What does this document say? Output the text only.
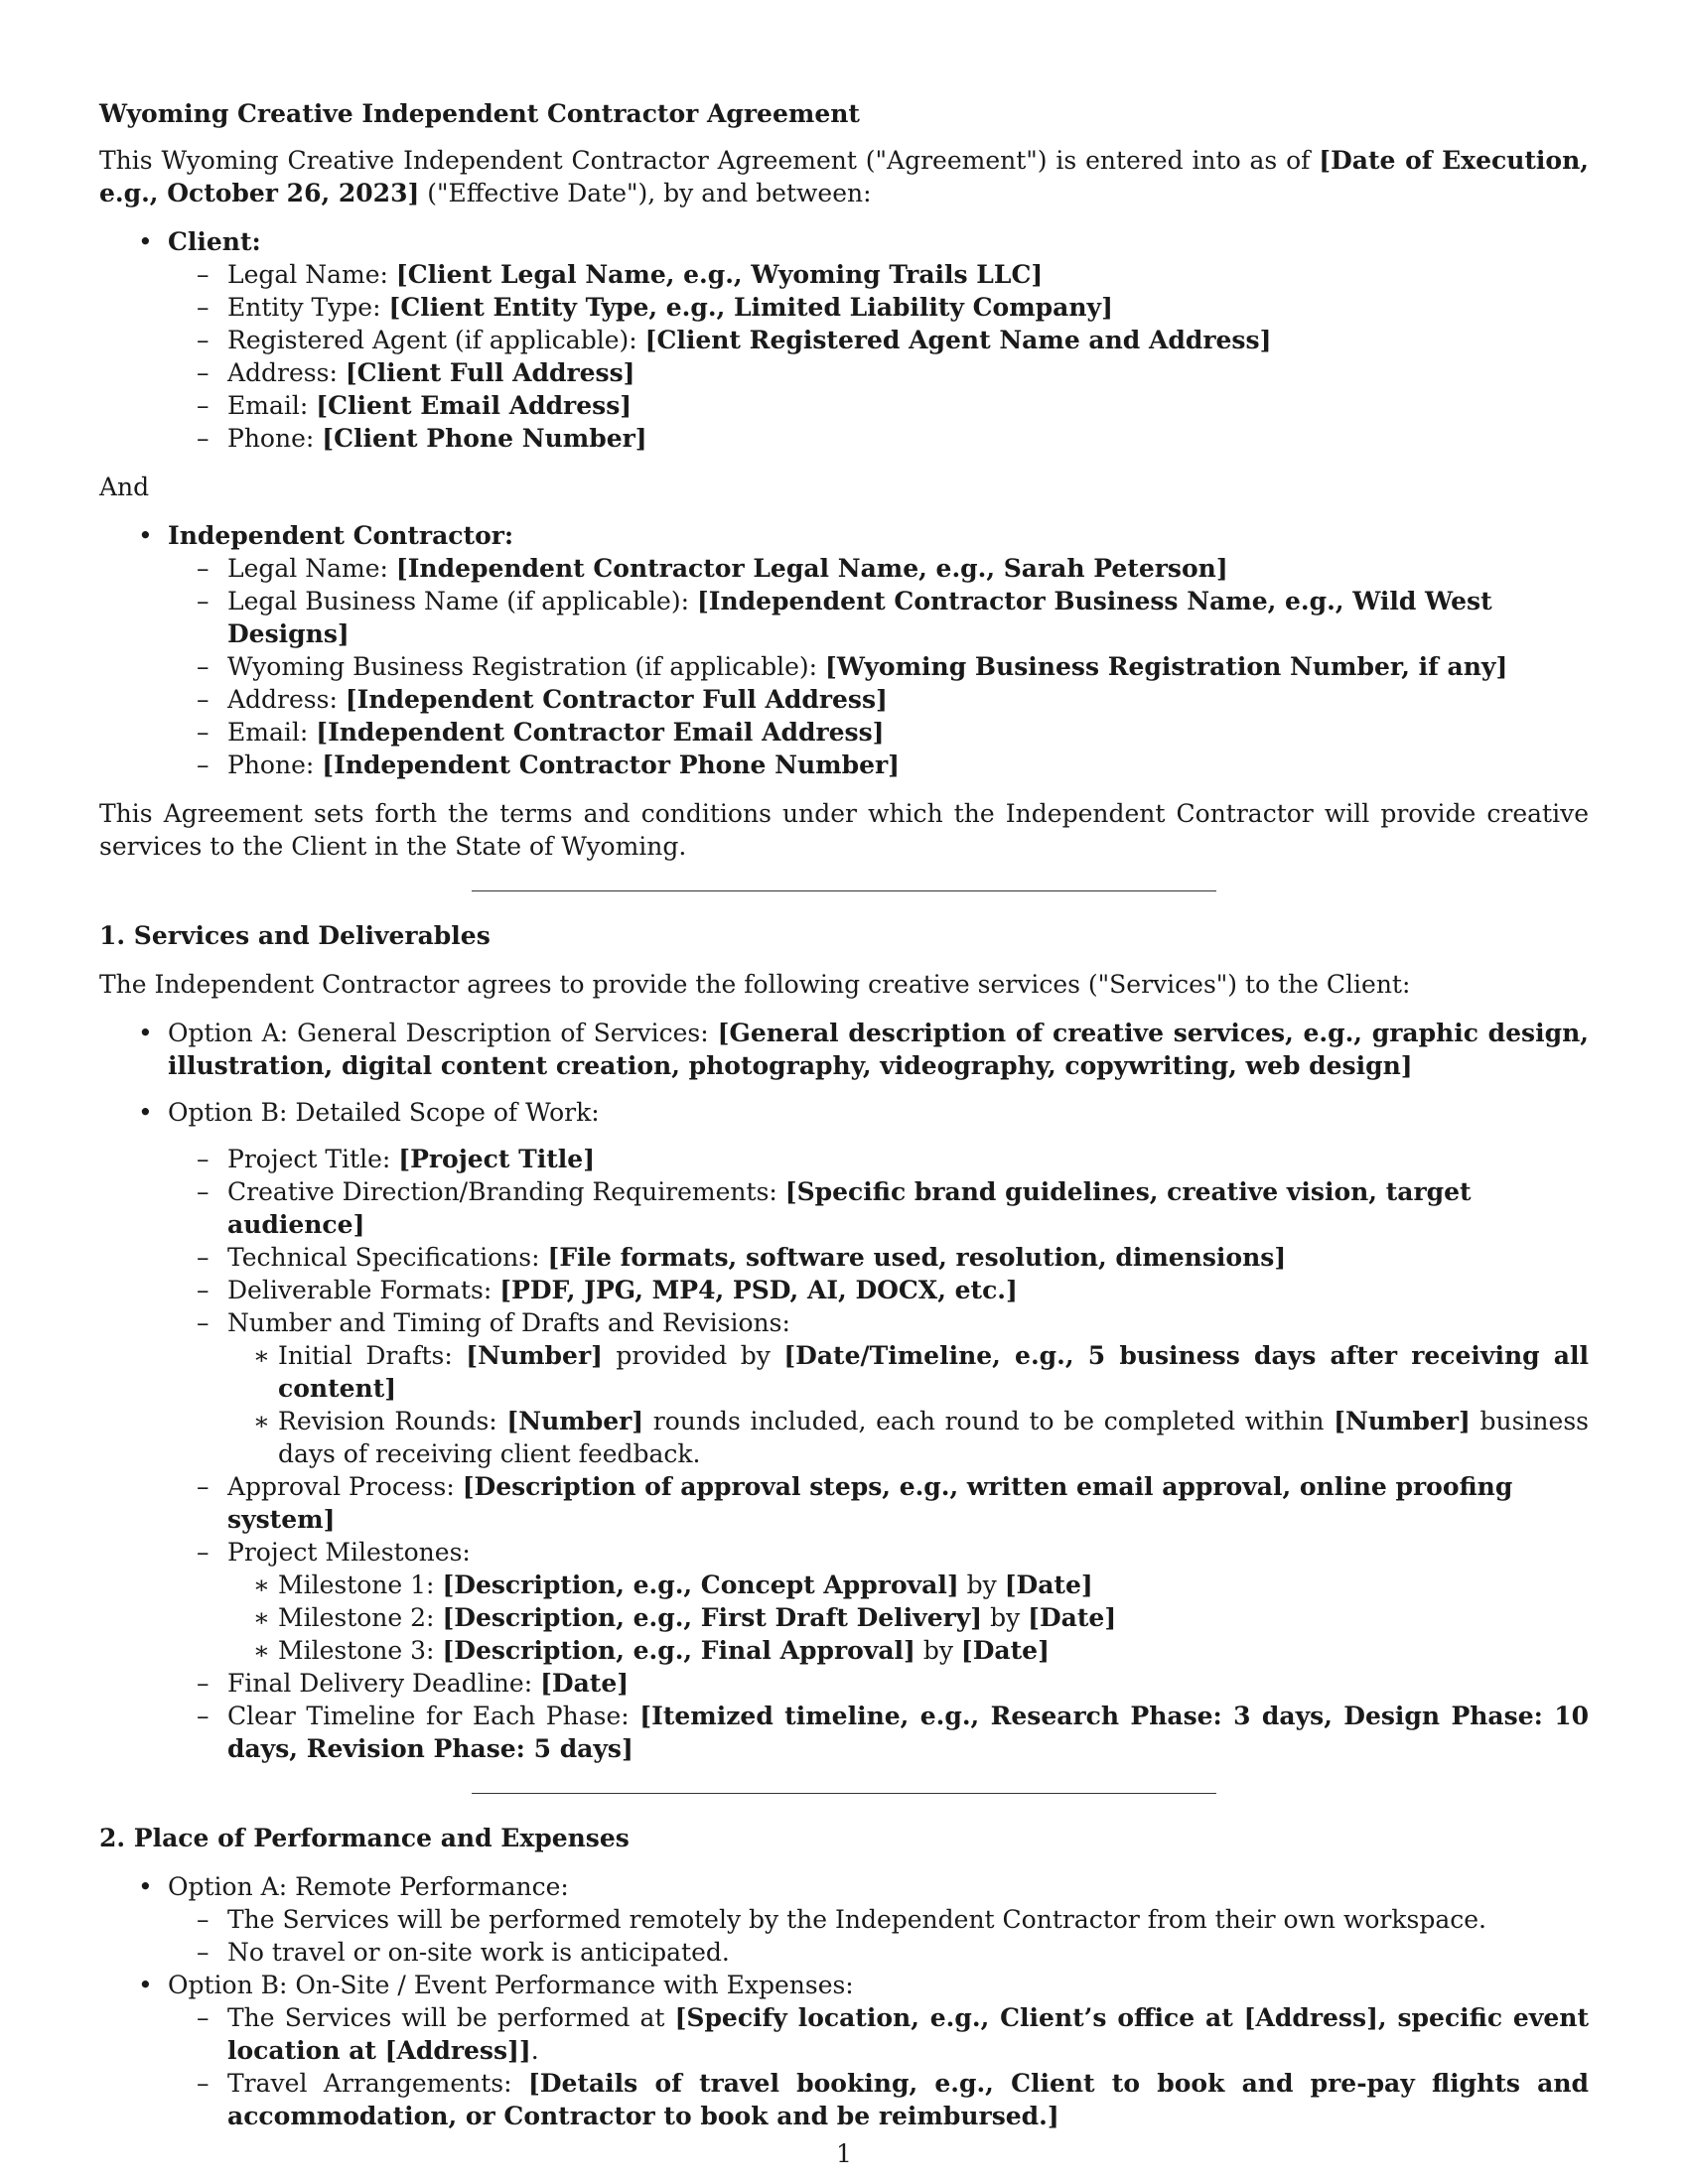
Wyoming Creative Independent Contractor Agreement

This Wyoming Creative Independent Contractor Agreement ("Agreement") is entered into as of [Date of Execution, e.g., October 26, 2023] ("Effective Date"), by and between:

• Client:
– Legal Name: [Client Legal Name, e.g., Wyoming Trails LLC]
– Entity Type: [Client Entity Type, e.g., Limited Liability Company]
– Registered Agent (if applicable): [Client Registered Agent Name and Address]
– Address: [Client Full Address]
– Email: [Client Email Address]
– Phone: [Client Phone Number]

And

• Independent Contractor:
– Legal Name: [Independent Contractor Legal Name, e.g., Sarah Peterson]
– Legal Business Name (if applicable): [Independent Contractor Business Name, e.g., Wild West Designs]
– Wyoming Business Registration (if applicable): [Wyoming Business Registration Number, if any]
– Address: [Independent Contractor Full Address]
– Email: [Independent Contractor Email Address]
– Phone: [Independent Contractor Phone Number]

This Agreement sets forth the terms and conditions under which the Independent Contractor will provide creative services to the Client in the State of Wyoming.

1. Services and Deliverables

The Independent Contractor agrees to provide the following creative services ("Services") to the Client:

• Option A: General Description of Services: [General description of creative services, e.g., graphic design, illustration, digital content creation, photography, videography, copywriting, web design]
• Option B: Detailed Scope of Work:
– Project Title: [Project Title]
– Creative Direction/Branding Requirements: [Specific brand guidelines, creative vision, target audience]
– Technical Specifications: [File formats, software used, resolution, dimensions]
– Deliverable Formats: [PDF, JPG, MP4, PSD, AI, DOCX, etc.]
– Number and Timing of Drafts and Revisions:
∗ Initial Drafts: [Number] provided by [Date/Timeline, e.g., 5 business days after receiving all content]
∗ Revision Rounds: [Number] rounds included, each round to be completed within [Number] business days of receiving client feedback.
– Approval Process: [Description of approval steps, e.g., written email approval, online proofing system]
– Project Milestones:
∗ Milestone 1: [Description, e.g., Concept Approval] by [Date]
∗ Milestone 2: [Description, e.g., First Draft Delivery] by [Date]
∗ Milestone 3: [Description, e.g., Final Approval] by [Date]
– Final Delivery Deadline: [Date]
– Clear Timeline for Each Phase: [Itemized timeline, e.g., Research Phase: 3 days, Design Phase: 10 days, Revision Phase: 5 days]
2. Place of Performance and Expenses
• Option A: Remote Performance:
– The Services will be performed remotely by the Independent Contractor from their own workspace.
– No travel or on-site work is anticipated.
• Option B: On-Site / Event Performance with Expenses:
– The Services will be performed at [Specify location, e.g., Client’s office at [Address], specific event location at [Address]].
– Travel Arrangements: [Details of travel booking, e.g., Client to book and pre-pay flights and accommodation, or Contractor to book and be reimbursed.]
1
